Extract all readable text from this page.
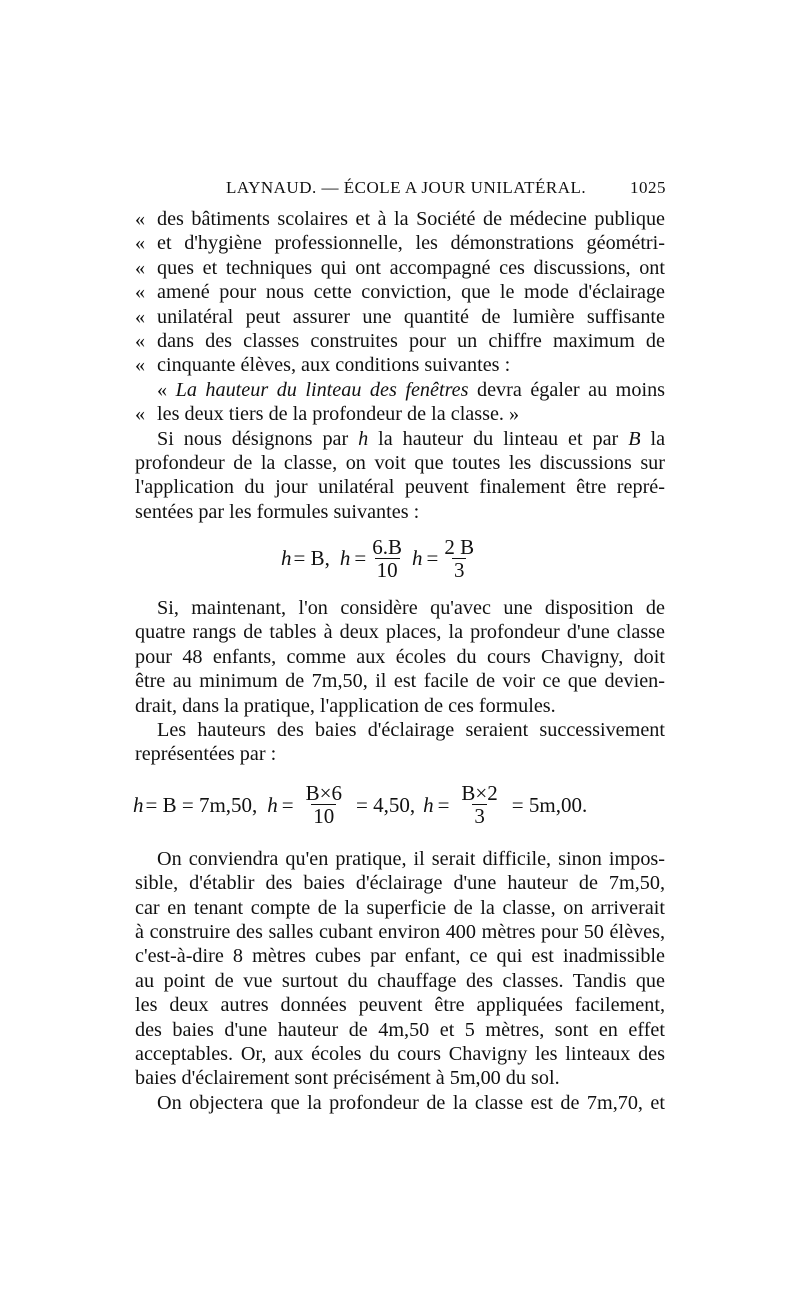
LAYNAUD. — ÉCOLE A JOUR UNILATÉRAL.	1025
« des bâtiments scolaires et à la Société de médecine publique
« et d'hygiène professionnelle, les démonstrations géométri-
« ques et techniques qui ont accompagné ces discussions, ont
« amené pour nous cette conviction, que le mode d'éclairage
« unilatéral peut assurer une quantité de lumière suffisante
« dans des classes construites pour un chiffre maximum de
« cinquante élèves, aux conditions suivantes :
« La hauteur du linteau des fenêtres devra égaler au moins
« les deux tiers de la profondeur de la classe. »
Si nous désignons par h la hauteur du linteau et par B la
profondeur de la classe, on voit que toutes les discussions sur
l'application du jour unilatéral peuvent finalement être repré-
sentées par les formules suivantes :
h = B, $h = \frac{6.B}{10}$ $h = \frac{2 B}{3}$
Si, maintenant, l'on considère qu'avec une disposition de
quatre rangs de tables à deux places, la profondeur d'une classe
pour 48 enfants, comme aux écoles du cours Chavigny, doit
être au minimum de 7m,50, il est facile de voir ce que devien-
drait, dans la pratique, l'application de ces formules.
Les hauteurs des baies d'éclairage seraient successivement
représentées par :
h = B = 7m,50, $h = \frac{B\times 6}{10} = 4,50$, $h = \frac{B\times 2}{3} = 5m,00$.
On conviendra qu'en pratique, il serait difficile, sinon impos-
sible, d'établir des baies d'éclairage d'une hauteur de 7m,50,
car en tenant compte de la superficie de la classe, on arriverait
à construire des salles cubant environ 400 mètres pour 50 élèves,
c'est-à-dire 8 mètres cubes par enfant, ce qui est inadmissible
au point de vue surtout du chauffage des classes. Tandis que
les deux autres données peuvent être appliquées facilement,
des baies d'une hauteur de 4m,50 et 5 mètres, sont en effet
acceptables. Or, aux écoles du cours Chavigny les linteaux des
baies d'éclairement sont précisément à 5m,00 du sol.
On objectera que la profondeur de la classe est de 7m,70, et
